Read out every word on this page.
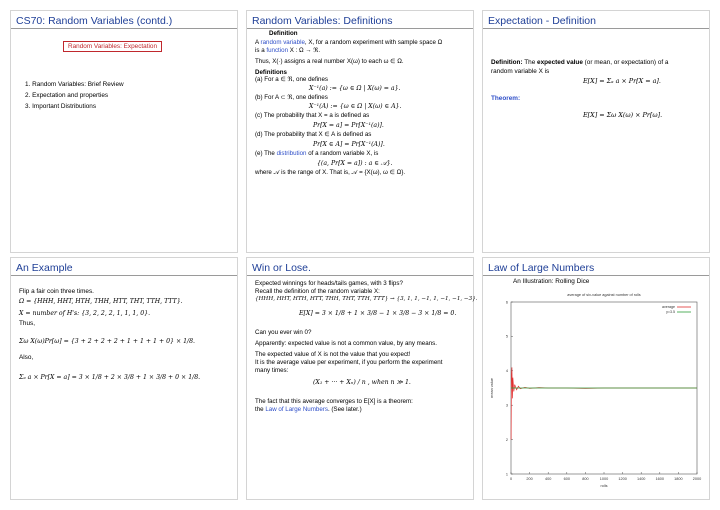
CS70: Random Variables (contd.)
Random Variables: Expectation
1. Random Variables: Brief Review
2. Expectation and properties
3. Important Distributions
Random Variables: Definitions
Definition
A random variable, X, for a random experiment with sample space Ω
is a function X : Ω → ℜ.
Thus, X(·) assigns a real number X(ω) to each ω ∈ Ω.
Definitions
(a) For a ∈ ℜ, one defines
X⁻¹(a) := {ω ∈ Ω | X(ω) = a}.
(b) For A ⊂ ℜ, one defines
X⁻¹(A) := {ω ∈ Ω | X(ω) ∈ A}.
(c) The probability that X = a is defined as
Pr[X = a] = Pr[X⁻¹(a)].
(d) The probability that X ∈ A is defined as
Pr[X ∈ A] = Pr[X⁻¹(A)].
(e) The distribution of a random variable X, is
{(a, Pr[X = a]) : a ∈ 𝒜}.
where 𝒜 is the range of X. That is, 𝒜 = {X(ω), ω ∈ Ω}.
Expectation - Definition
Definition: The expected value (or mean, or expectation) of a
random variable X is
E[X] = Σₐ a × Pr[X = a].
Theorem:
E[X] = Σω X(ω) × Pr[ω].
An Example
Flip a fair coin three times.
Ω = {HHH, HHT, HTH, THH, HTT, THT, TTH, TTT}.
X = number of H's: {3, 2, 2, 2, 1, 1, 1, 0}.
Thus,
Σω X(ω)Pr[ω] = {3 + 2 + 2 + 2 + 1 + 1 + 1 + 0} × 1/8.
Also,
Σₐ a × Pr[X = a] = 3 × 1/8 + 2 × 3/8 + 1 × 3/8 + 0 × 1/8.
Win or Lose.
Expected winnings for heads/tails games, with 3 flips?
Recall the definition of the random variable X:
{HHH, HHT, HTH, HTT, THH, THT, TTH, TTT} → {3, 1, 1, −1, 1, −1, −1, −3}.
E[X] = 3 × 1/8 + 1 × 3/8 − 1 × 3/8 − 3 × 1/8 = 0.
Can you ever win 0?
Apparently: expected value is not a common value, by any means.
The expected value of X is not the value that you expect!
It is the average value per experiment, if you perform the experiment
many times:
(X₁ + ··· + Xₙ) / n , when n ≫ 1.
The fact that this average converges to E[X] is a theorem:
the Law of Large Numbers. (See later.)
Law of Large Numbers
An Illustration: Rolling Dice
average of six-value against number of rolls
0	200	400	600	800	1000	1200	1400	1600	1800	2000
1
2
3
4
5
6
rolls
mean value
average
y=3.5
